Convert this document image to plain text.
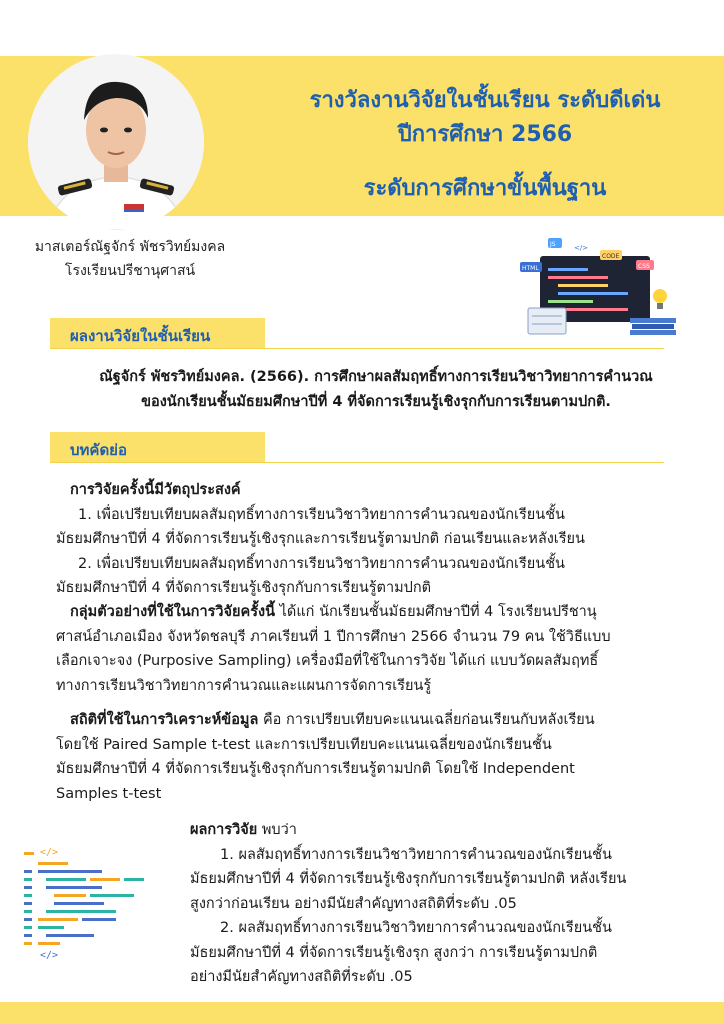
มาสเตอร์ณัฐจักร์ พัชรวิทย์มงคล
โรงเรียนปรีชานุศาสน์
รางวัลงานวิจัยในชั้นเรียน ระดับดีเด่น
ปีการศึกษา 2566
ระดับการศึกษาขั้นพื้นฐาน
JS
HTML
CODE
CSS
</>
ผลงานวิจัยในชั้นเรียน
ณัฐจักร์ พัชรวิทย์มงคล. (2566). การศึกษาผลสัมฤทธิ์ทางการเรียนวิชาวิทยาการคำนวณ
ของนักเรียนชั้นมัธยมศึกษาปีที่ 4 ที่จัดการเรียนรู้เชิงรุกกับการเรียนตามปกติ.
บทคัดย่อ
การวิจัยครั้งนี้มีวัตถุประสงค์
1. เพื่อเปรียบเทียบผลสัมฤทธิ์ทางการเรียนวิชาวิทยาการคำนวณของนักเรียนชั้น
มัธยมศึกษาปีที่ 4 ที่จัดการเรียนรู้เชิงรุกและการเรียนรู้ตามปกติ ก่อนเรียนและหลังเรียน
2. เพื่อเปรียบเทียบผลสัมฤทธิ์ทางการเรียนวิชาวิทยาการคำนวณของนักเรียนชั้น
มัธยมศึกษาปีที่ 4 ที่จัดการเรียนรู้เชิงรุกกับการเรียนรู้ตามปกติ
กลุ่มตัวอย่างที่ใช้ในการวิจัยครั้งนี้ ได้แก่ นักเรียนชั้นมัธยมศึกษาปีที่ 4 โรงเรียนปรีชานุ
ศาสน์อำเภอเมือง จังหวัดชลบุรี ภาคเรียนที่ 1 ปีการศึกษา 2566 จำนวน 79 คน ใช้วิธีแบบ
เลือกเจาะจง (Purposive Sampling) เครื่องมือที่ใช้ในการวิจัย ได้แก่ แบบวัดผลสัมฤทธิ์
ทางการเรียนวิชาวิทยาการคำนวณและแผนการจัดการเรียนรู้
สถิติที่ใช้ในการวิเคราะห์ข้อมูล คือ การเปรียบเทียบคะแนนเฉลี่ยก่อนเรียนกับหลังเรียน
โดยใช้ Paired Sample t-test และการเปรียบเทียบคะแนนเฉลี่ยของนักเรียนชั้น
มัธยมศึกษาปีที่ 4 ที่จัดการเรียนรู้เชิงรุกกับการเรียนรู้ตามปกติ โดยใช้ Independent
Samples t-test
</>
</>
ผลการวิจัย พบว่า
1. ผลสัมฤทธิ์ทางการเรียนวิชาวิทยาการคำนวณของนักเรียนชั้น
มัธยมศึกษาปีที่ 4 ที่จัดการเรียนรู้เชิงรุกกับการเรียนรู้ตามปกติ หลังเรียน
สูงกว่าก่อนเรียน อย่างมีนัยสำคัญทางสถิติที่ระดับ .05
2. ผลสัมฤทธิ์ทางการเรียนวิชาวิทยาการคำนวณของนักเรียนชั้น
มัธยมศึกษาปีที่ 4 ที่จัดการเรียนรู้เชิงรุก สูงกว่า การเรียนรู้ตามปกติ
อย่างมีนัยสำคัญทางสถิติที่ระดับ .05
